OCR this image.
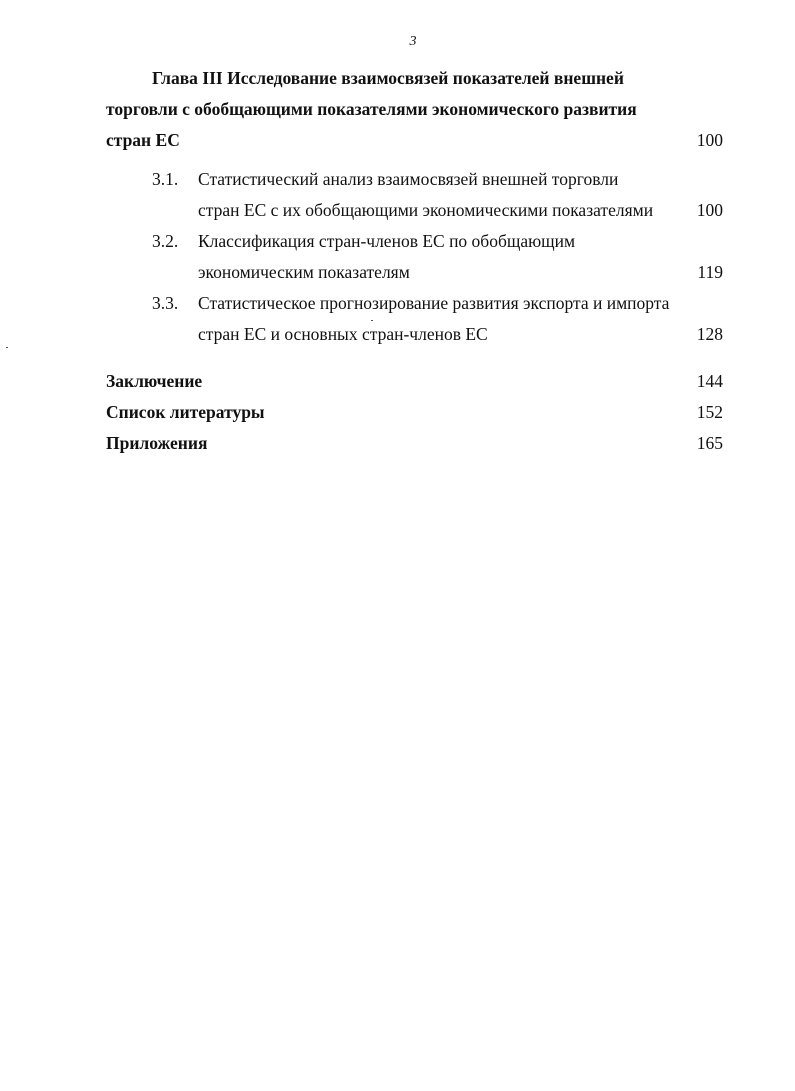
3
Глава III Исследование взаимосвязей показателей внешней
торговли с обобщающими показателями экономического развития
стран ЕС	100
3.1. Статистический анализ взаимосвязей внешней торговли
стран ЕС с их обобщающими экономическими показателями 100
3.2. Классификация стран-членов ЕС по обобщающим
экономическим показателям	119
3.3. Статистическое прогнозирование развития экспорта и импорта
стран ЕС и основных стран-членов ЕС	128
Заключение	144
Список литературы	152
Приложения	165
